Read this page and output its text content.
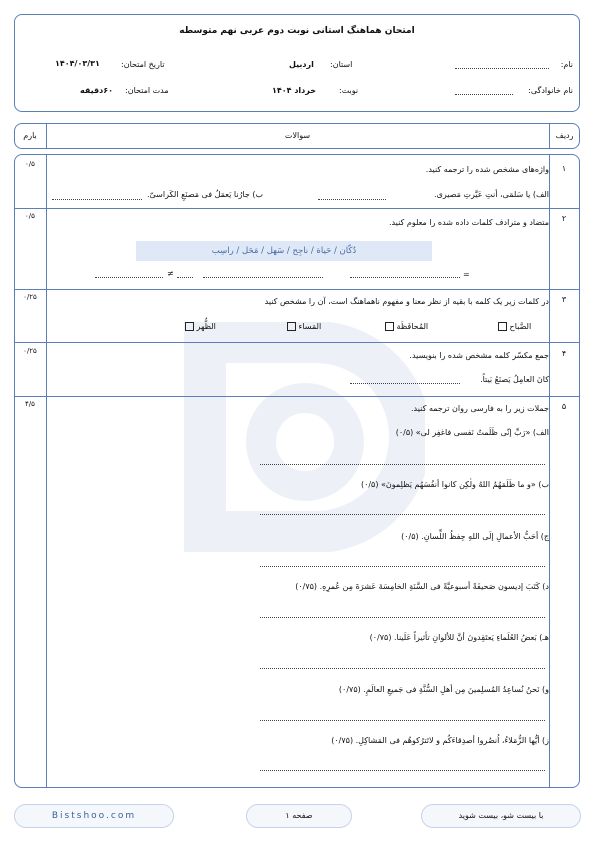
امتحان هماهنگ استانی نوبت دوم عربی نهم متوسطه
نام:
نام خانوادگی:
استان:
اردبیل
نوبت:
خرداد ۱۴۰۴
تاریخ امتحان:
۱۴۰۴/۰۳/۳۱
مدت امتحان:
۶۰دقیقه
ردیف
سوالات
بارم
۱
۰/۵
واژه‌های مشخص شده را ترجمه کنید.
الف) یا سَلمَی، أنتِ عَیَّرتِ مَصیری.
ب) جارُنا یَعمَلُ فی مَصنَعِ الکَراسیّ.
۲
۰/۵
متضاد و مترادف کلمات داده شده را معلوم کنید.
دُکّان / حَیاة / ناجِح / سَهل / مَحَل / راسِب
=
≠
۳
۰/۲۵	در کلمات زیر یک کلمه با بقیه از نظر معنا و مفهوم ناهماهنگ است، آن را مشخص کنید
الصَّباح
المُحافَظَة
المَساء
الظُّهر
۴
۰/۲۵	جمع مکسّر کلمه مشخص شده را بنویسید.
کانَ العامِلُ یَصنَعُ بَیتاً.
۵
۴/۵	جملات زیر را به فارسی روان ترجمه کنید.
الف) «رَبِّ إنّی ظَلَمتُ نَفسی فاغفِر لی» (۰/۵)
ب) «و ما ظَلَمَهُمُ اللهُ ولٰکِن کانوا أنفُسَهُم یَظلِمونَ» (۰/۵)
ج) أحَبُّ الأعمالِ إلَی اللهِ حِفظُ اللِّسانِ. (۰/۵)
د) کَتَبَ إدیسون صَحیفَةً أسبوعیَّةً فی السَّنَةِ الخامِسَةَ عَشرَةَ مِن عُمرِهِ. (۰/۷۵)
هـ) بَعضُ العُلَماءِ یَعتَقِدونَ أنَّ للألوانِ تأثیراً عَلَینا. (۰/۷۵)
و) نَحنُ نُساعِدُ المُسلِمینَ مِن أهلِ السُّنَّةِ فی جَمیعِ العالَمِ. (۰/۷۵)
ز) أیُّها الزُّمَلاءُ، اُنصُروا أصدِقاءَکُم و لاتَترُکوهُم فی المَشاکِلِ. (۰/۷۵)
Bistshoo.com	صفحه ۱	با بیست شو، بیست شوید
